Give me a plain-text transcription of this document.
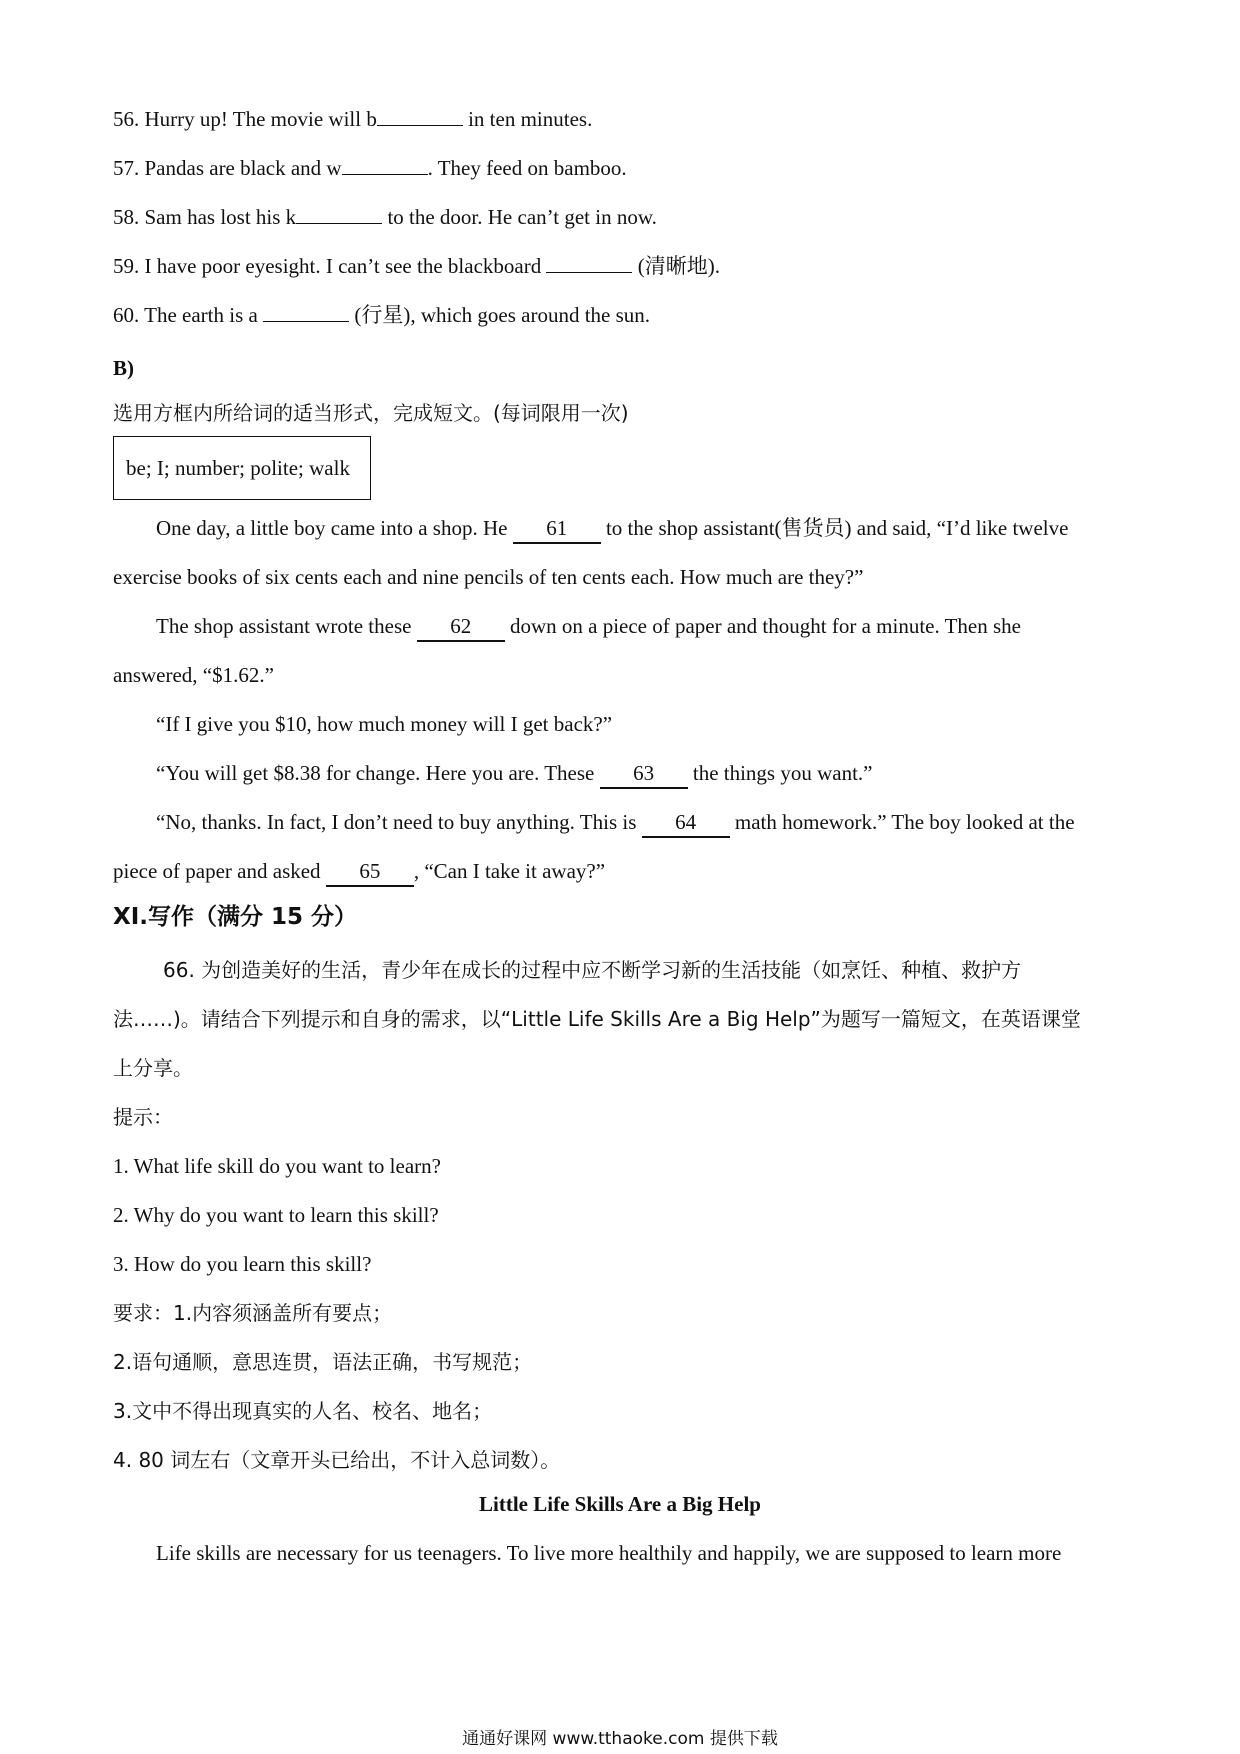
56. Hurry up! The movie will b	in ten minutes.
57. Pandas are black and w	. They feed on bamboo.
58. Sam has lost his k	to the door. He can’t get in now.
59. I have poor eyesight. I can’t see the blackboard	(清晰地).
60. The earth is a	(行星), which goes around the sun.
B)
选用方框内所给词的适当形式，完成短文。(每词限用一次)
be; I; number; polite; walk
One day, a little boy came into a shop. He 61 to the shop assistant(售货员) and said, “I’d like twelve
exercise books of six cents each and nine pencils of ten cents each. How much are they?”
The shop assistant wrote these 62 down on a piece of paper and thought for a minute. Then she
answered, “$1.62.”
“If I give you $10, how much money will I get back?”
“You will get $8.38 for change. Here you are. These 63 the things you want.”
“No, thanks. In fact, I don’t need to buy anything. This is 64 math homework.” The boy looked at the
piece of paper and asked 65 , “Can I take it away?”
XI.写作（满分 15 分）
66. 为创造美好的生活，青少年在成长的过程中应不断学习新的生活技能（如烹饪、种植、救护方
法……)。请结合下列提示和自身的需求，以“Little Life Skills Are a Big Help”为题写一篇短文，在英语课堂
上分享。
提示：
1. What life skill do you want to learn?
2. Why do you want to learn this skill?
3. How do you learn this skill?
要求：1.内容须涵盖所有要点；
2.语句通顺，意思连贯，语法正确，书写规范；
3.文中不得出现真实的人名、校名、地名；
4. 80 词左右（文章开头已给出，不计入总词数）。
Little Life Skills Are a Big Help
Life skills are necessary for us teenagers. To live more healthily and happily, we are supposed to learn more
通通好课网 www.tthaoke.com 提供下载
